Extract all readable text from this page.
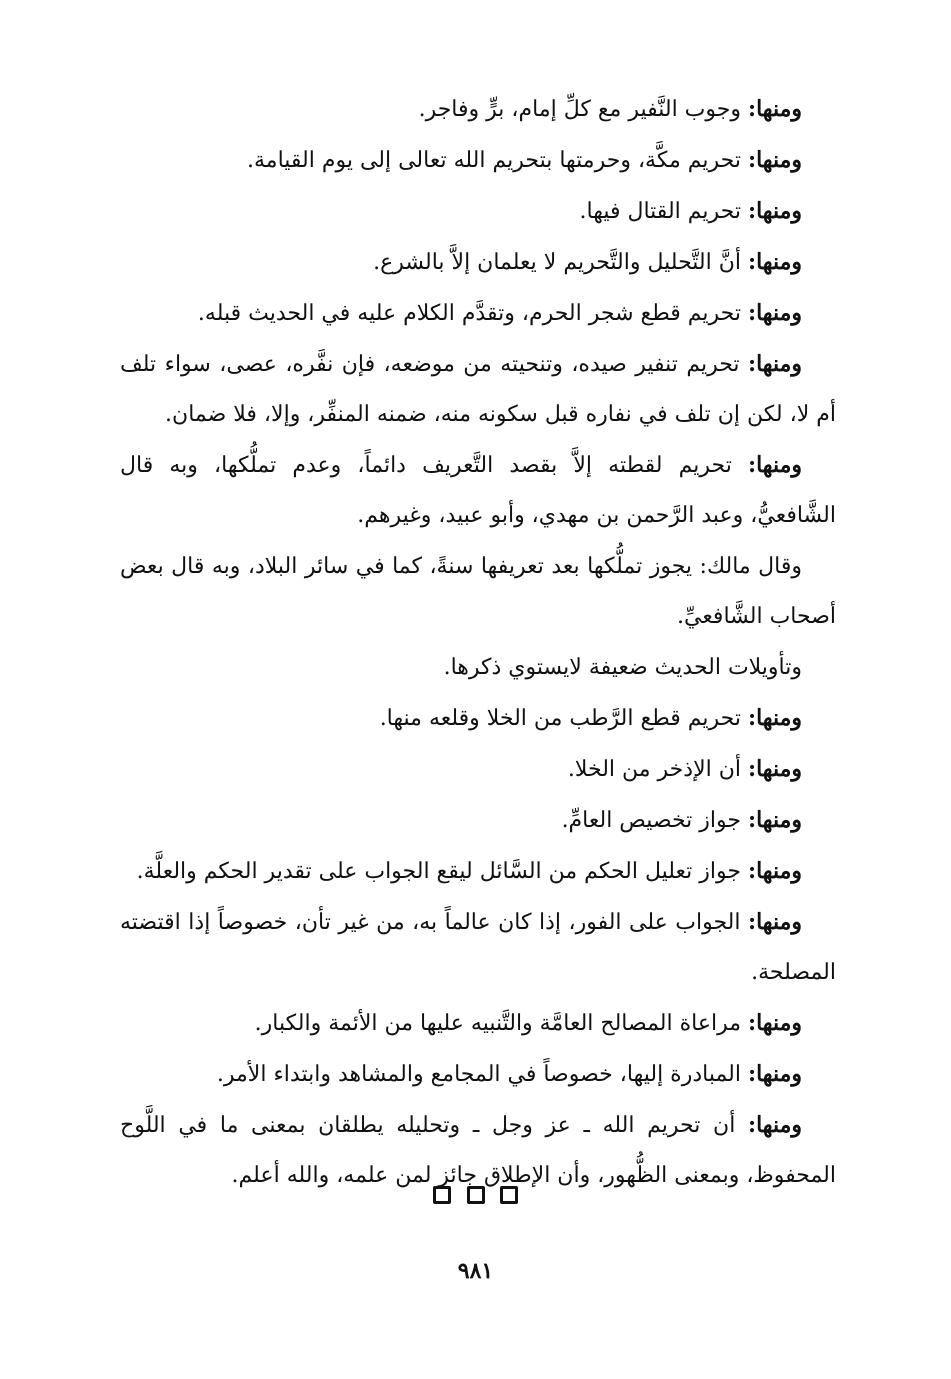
ومنها: وجوب النَّفير مع كلِّ إمام، برٍّ وفاجر.

ومنها: تحريم مكَّة، وحرمتها بتحريم الله تعالى إلى يوم القيامة.

ومنها: تحريم القتال فيها.

ومنها: أنَّ التَّحليل والتَّحريم لا يعلمان إلاَّ بالشرع.

ومنها: تحريم قطع شجر الحرم، وتقدَّم الكلام عليه في الحديث قبله.

ومنها: تحريم تنفير صيده، وتنحيته من موضعه، فإن نفَّره، عصى، سواء تلف أم لا، لكن إن تلف في نفاره قبل سكونه منه، ضمنه المنفِّر، وإلا، فلا ضمان.

ومنها: تحريم لقطته إلاَّ بقصد التَّعريف دائماً، وعدم تملُّكها، وبه قال الشَّافعيُّ، وعبد الرَّحمن بن مهدي، وأبو عبيد، وغيرهم.

وقال مالك: يجوز تملُّكها بعد تعريفها سنةً، كما في سائر البلاد، وبه قال بعض أصحاب الشَّافعيِّ.

وتأويلات الحديث ضعيفة لايستوي ذكرها.

ومنها: تحريم قطع الرَّطب من الخلا وقلعه منها.

ومنها: أن الإذخر من الخلا.

ومنها: جواز تخصيص العامِّ.

ومنها: جواز تعليل الحكم من السَّائل ليقع الجواب على تقدير الحكم والعلَّة.

ومنها: الجواب على الفور، إذا كان عالماً به، من غير تأن، خصوصاً إذا اقتضته المصلحة.

ومنها: مراعاة المصالح العامَّة والتَّنبيه عليها من الأئمة والكبار.

ومنها: المبادرة إليها، خصوصاً في المجامع والمشاهد وابتداء الأمر.

ومنها: أن تحريم الله ـ عز وجل ـ وتحليله يطلقان بمعنى ما في اللَّوح المحفوظ، وبمعنى الظُّهور، وأن الإطلاق جائز لمن علمه، والله أعلم.

٩٨١
